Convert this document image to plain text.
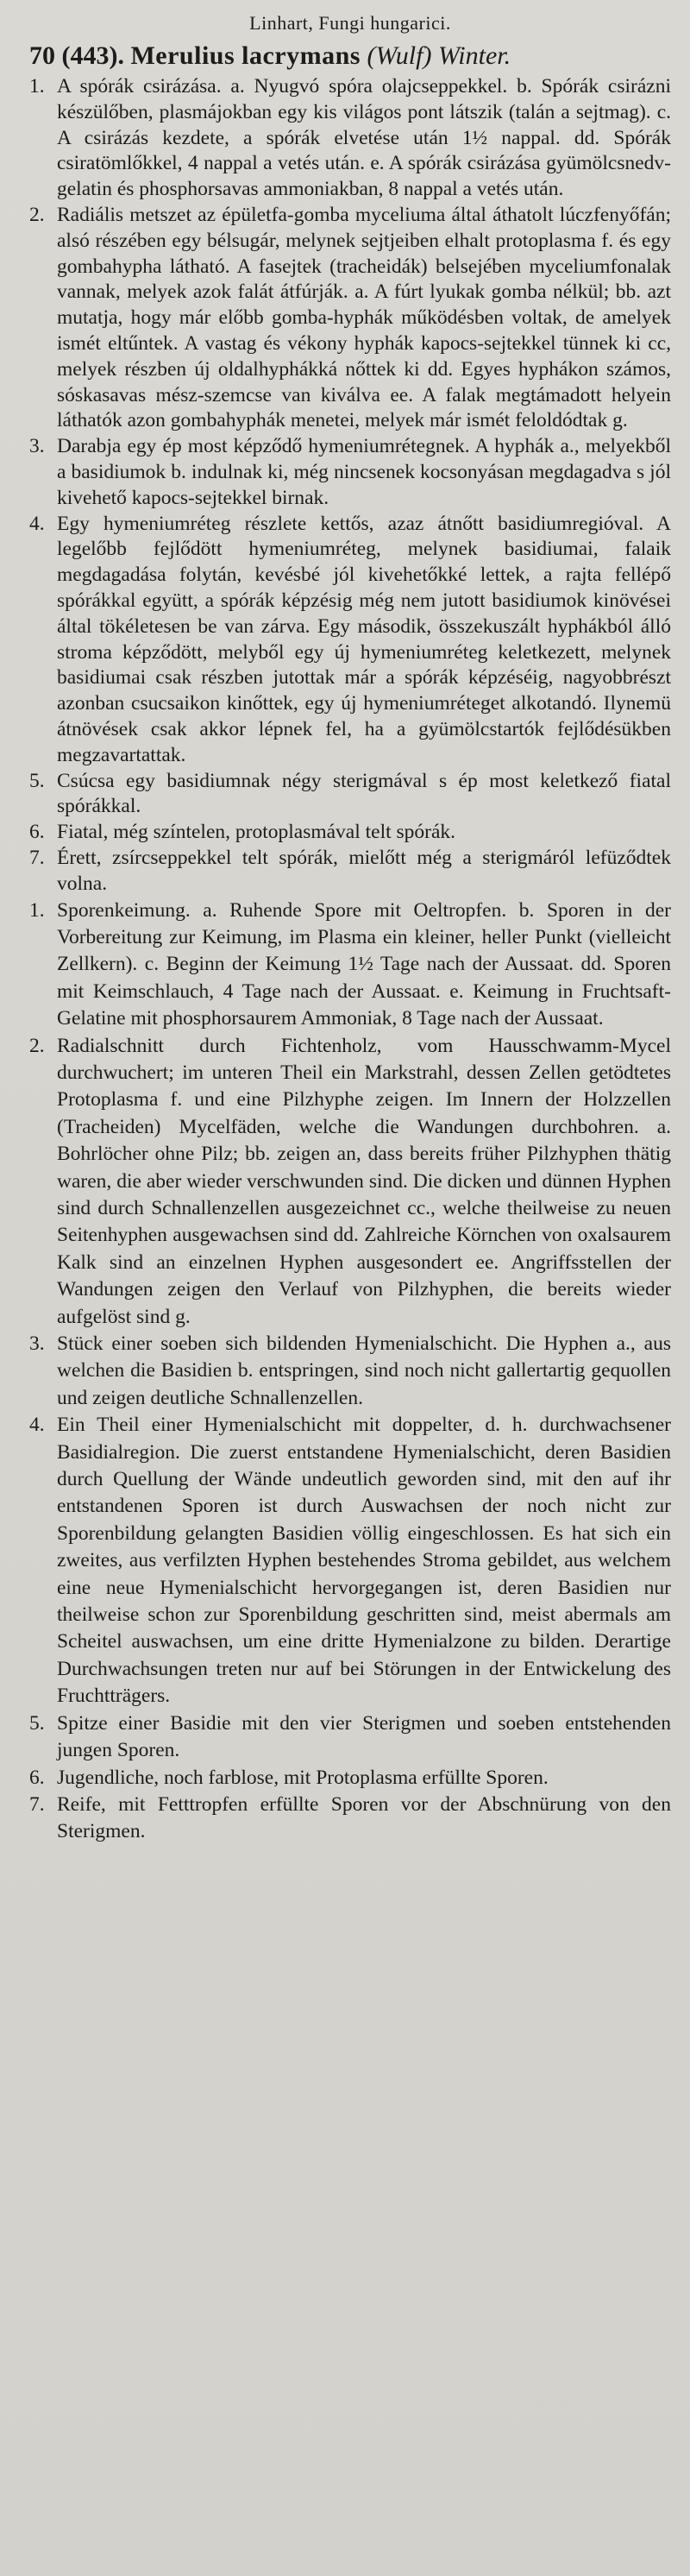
Linhart, Fungi hungarici.
70 (443). Merulius lacrymans (Wulf) Winter.
1. A spórák csirázása. a. Nyugvó spóra olajcseppekkel. b. Spórák csirázni készülőben, plasmájokban egy kis világos pont látszik (talán a sejtmag). c. A csirázás kezdete, a spórák elvetése után 1½ nappal. dd. Spórák csiratömlőkkel, 4 nappal a vetés után. e. A spórák csirázása gyümölcsnedv-gelatin és phosphorsavas ammoniakban, 8 nappal a vetés után.
2. Radiális metszet az épületfa-gomba myceliuma által áthatolt lúczfenyőfán; alsó részében egy bélsugár, melynek sejtjeiben elhalt protoplasma f. és egy gombahypha látható. A fasejtek (tracheidák) belsejében myceliumfonalak vannak, melyek azok falát átfúrják. a. A fúrt lyukak gomba nélkül; bb. azt mutatja, hogy már előbb gomba-hyphák működésben voltak, de amelyek ismét eltűntek. A vastag és vékony hyphák kapocs-sejtekkel tünnek ki cc, melyek részben új oldalhyphákká nőttek ki dd. Egyes hyphákon számos, sóskasavas mész-szemcse van kiválva ee. A falak megtámadott helyein láthatók azon gombahyphák menetei, melyek már ismét feloldódtak g.
3. Darabja egy ép most képződő hymeniumrétegnek. A hyphák a., melyekből a basidiumok b. indulnak ki, még nincsenek kocsonyásan megdagadva s jól kivehető kapocs-sejtekkel birnak.
4. Egy hymeniumréteg részlete kettős, azaz átnőtt basidiumregióval. A legelőbb fejlődött hymeniumréteg, melynek basidiumai, falaik megdagadása folytán, kevésbé jól kivehetőkké lettek, a rajta fellépő spórákkal együtt, a spórák képzésig még nem jutott basidiumok kinövései által tökéletesen be van zárva. Egy második, összekuszált hyphákból álló stroma képződött, melyből egy új hymeniumréteg keletkezett, melynek basidiumai csak részben jutottak már a spórák képzéséig, nagyobbrészt azonban csucsaikon kinőttek, egy új hymeniumréteget alkotandó. Ilynemü átnövések csak akkor lépnek fel, ha a gyümölcstartók fejlődésükben megzavartattak.
5. Csúcsa egy basidiumnak négy sterigmával s ép most keletkező fiatal spórákkal.
6. Fiatal, még színtelen, protoplasmával telt spórák.
7. Érett, zsírcseppekkel telt spórák, mielőtt még a sterigmáról lefüződtek volna.
1. Sporenkeimung. a. Ruhende Spore mit Oeltropfen. b. Sporen in der Vorbereitung zur Keimung, im Plasma ein kleiner, heller Punkt (vielleicht Zellkern). c. Beginn der Keimung 1½ Tage nach der Aussaat. dd. Sporen mit Keimschlauch, 4 Tage nach der Aussaat. e. Keimung in Fruchtsaft-Gelatine mit phosphorsaurem Ammoniak, 8 Tage nach der Aussaat.
2. Radialschnitt durch Fichtenholz, vom Hausschwamm-Mycel durchwuchert; im unteren Theil ein Markstrahl, dessen Zellen getödtetes Protoplasma f. und eine Pilzhyphe zeigen. Im Innern der Holzzellen (Tracheiden) Mycelfäden, welche die Wandungen durchbohren. a. Bohrlöcher ohne Pilz; bb. zeigen an, dass bereits früher Pilzhyphen thätig waren, die aber wieder verschwunden sind. Die dicken und dünnen Hyphen sind durch Schnallenzellen ausgezeichnet cc., welche theilweise zu neuen Seitenhyphen ausgewachsen sind dd. Zahlreiche Körnchen von oxalsaurem Kalk sind an einzelnen Hyphen ausgesondert ee. Angriffsstellen der Wandungen zeigen den Verlauf von Pilzhyphen, die bereits wieder aufgelöst sind g.
3. Stück einer soeben sich bildenden Hymenialschicht. Die Hyphen a., aus welchen die Basidien b. entspringen, sind noch nicht gallertartig gequollen und zeigen deutliche Schnallenzellen.
4. Ein Theil einer Hymenialschicht mit doppelter, d. h. durchwachsener Basidialregion. Die zuerst entstandene Hymenialschicht, deren Basidien durch Quellung der Wände undeutlich geworden sind, mit den auf ihr entstandenen Sporen ist durch Auswachsen der noch nicht zur Sporenbildung gelangten Basidien völlig eingeschlossen. Es hat sich ein zweites, aus verfilzten Hyphen bestehendes Stroma gebildet, aus welchem eine neue Hymenialschicht hervorgegangen ist, deren Basidien nur theilweise schon zur Sporenbildung geschritten sind, meist abermals am Scheitel auswachsen, um eine dritte Hymenialzone zu bilden. Derartige Durchwachsungen treten nur auf bei Störungen in der Entwickelung des Fruchtträgers.
5. Spitze einer Basidie mit den vier Sterigmen und soeben entstehenden jungen Sporen.
6. Jugendliche, noch farblose, mit Protoplasma erfüllte Sporen.
7. Reife, mit Fetttropfen erfüllte Sporen vor der Abschnürung von den Sterigmen.
